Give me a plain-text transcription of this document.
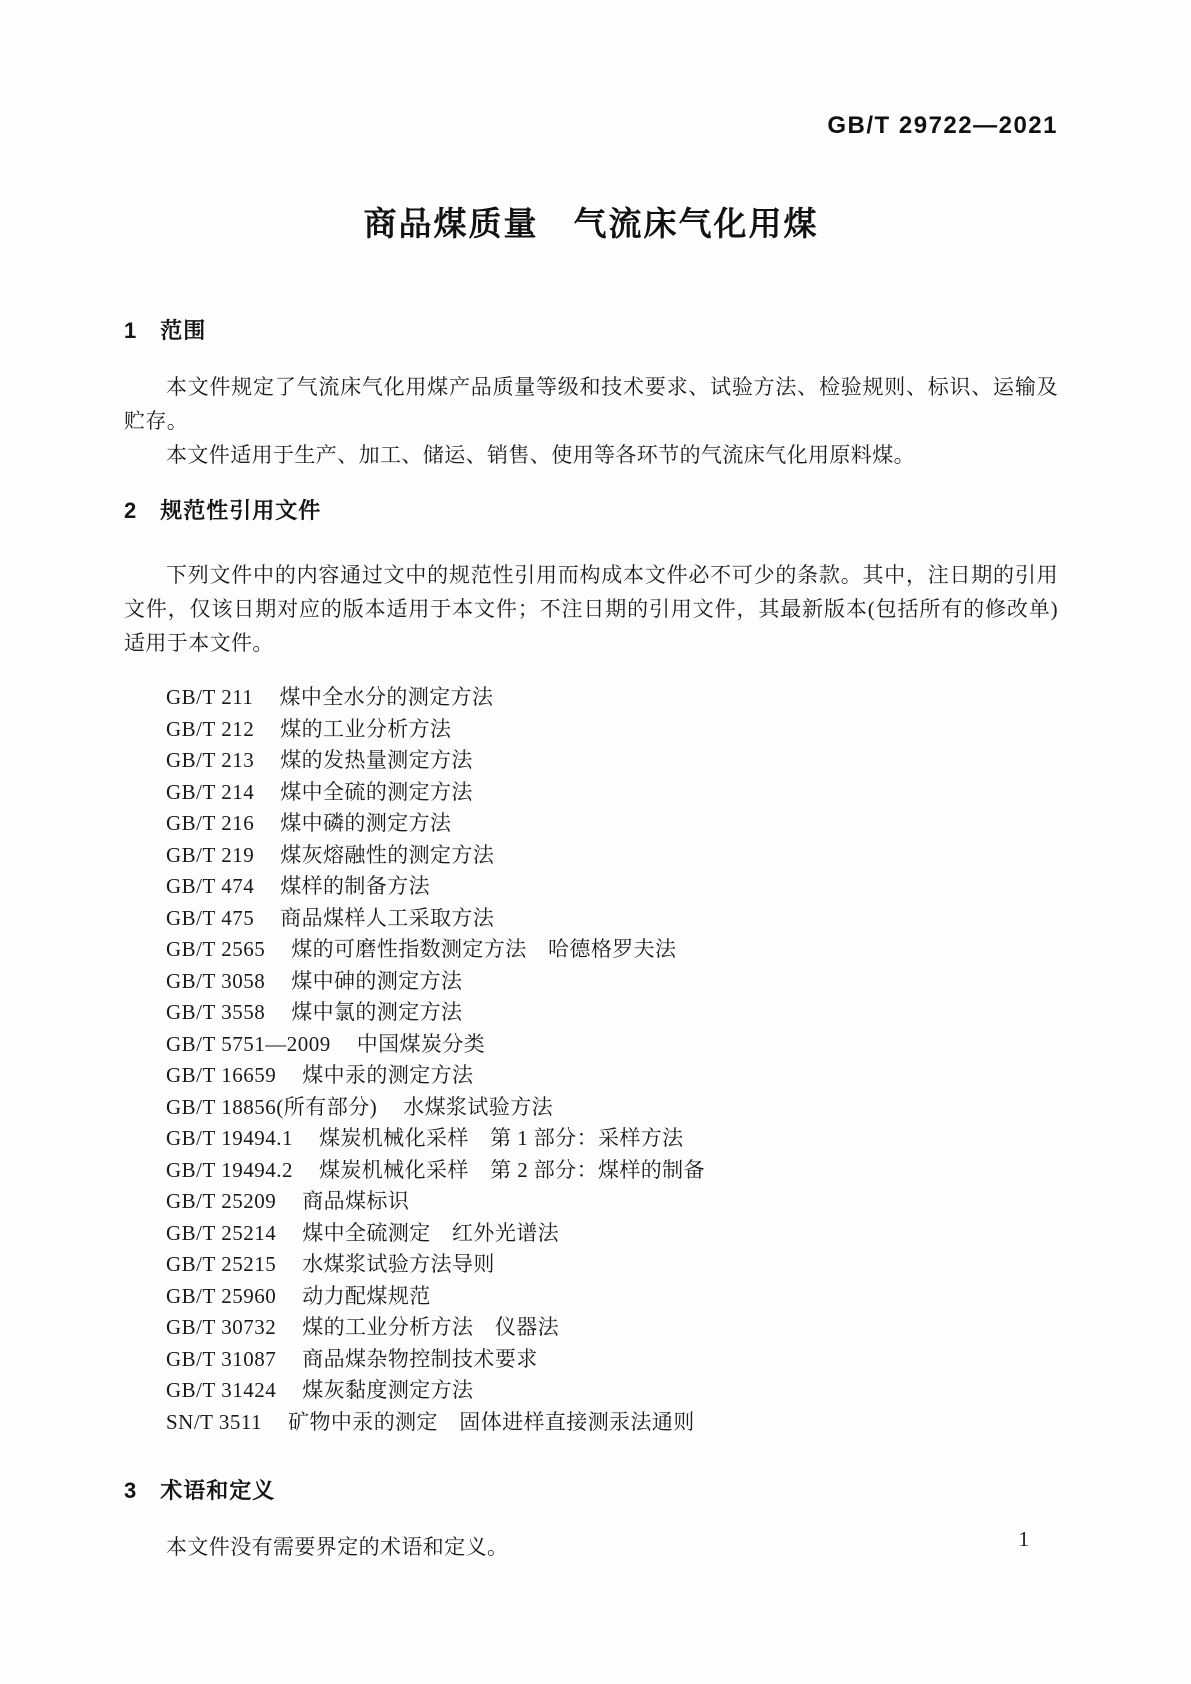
GB/T 29722—2021
商品煤质量　气流床气化用煤
1 范围

本文件规定了气流床气化用煤产品质量等级和技术要求、试验方法、检验规则、标识、运输及贮存。

本文件适用于生产、加工、储运、销售、使用等各环节的气流床气化用原料煤。

2 规范性引用文件

下列文件中的内容通过文中的规范性引用而构成本文件必不可少的条款。其中，注日期的引用文件，仅该日期对应的版本适用于本文件；不注日期的引用文件，其最新版本(包括所有的修改单)适用于本文件。

GB/T 211 煤中全水分的测定方法
GB/T 212 煤的工业分析方法
GB/T 213 煤的发热量测定方法
GB/T 214 煤中全硫的测定方法
GB/T 216 煤中磷的测定方法
GB/T 219 煤灰熔融性的测定方法
GB/T 474 煤样的制备方法
GB/T 475 商品煤样人工采取方法
GB/T 2565 煤的可磨性指数测定方法　哈德格罗夫法
GB/T 3058 煤中砷的测定方法
GB/T 3558 煤中氯的测定方法
GB/T 5751—2009 中国煤炭分类
GB/T 16659 煤中汞的测定方法
GB/T 18856(所有部分) 水煤浆试验方法
GB/T 19494.1 煤炭机械化采样　第 1 部分：采样方法
GB/T 19494.2 煤炭机械化采样　第 2 部分：煤样的制备
GB/T 25209 商品煤标识
GB/T 25214 煤中全硫测定　红外光谱法
GB/T 25215 水煤浆试验方法导则
GB/T 25960 动力配煤规范
GB/T 30732 煤的工业分析方法　仪器法
GB/T 31087 商品煤杂物控制技术要求
GB/T 31424 煤灰黏度测定方法
SN/T 3511 矿物中汞的测定　固体进样直接测汞法通则
3 术语和定义

本文件没有需要界定的术语和定义。	1
